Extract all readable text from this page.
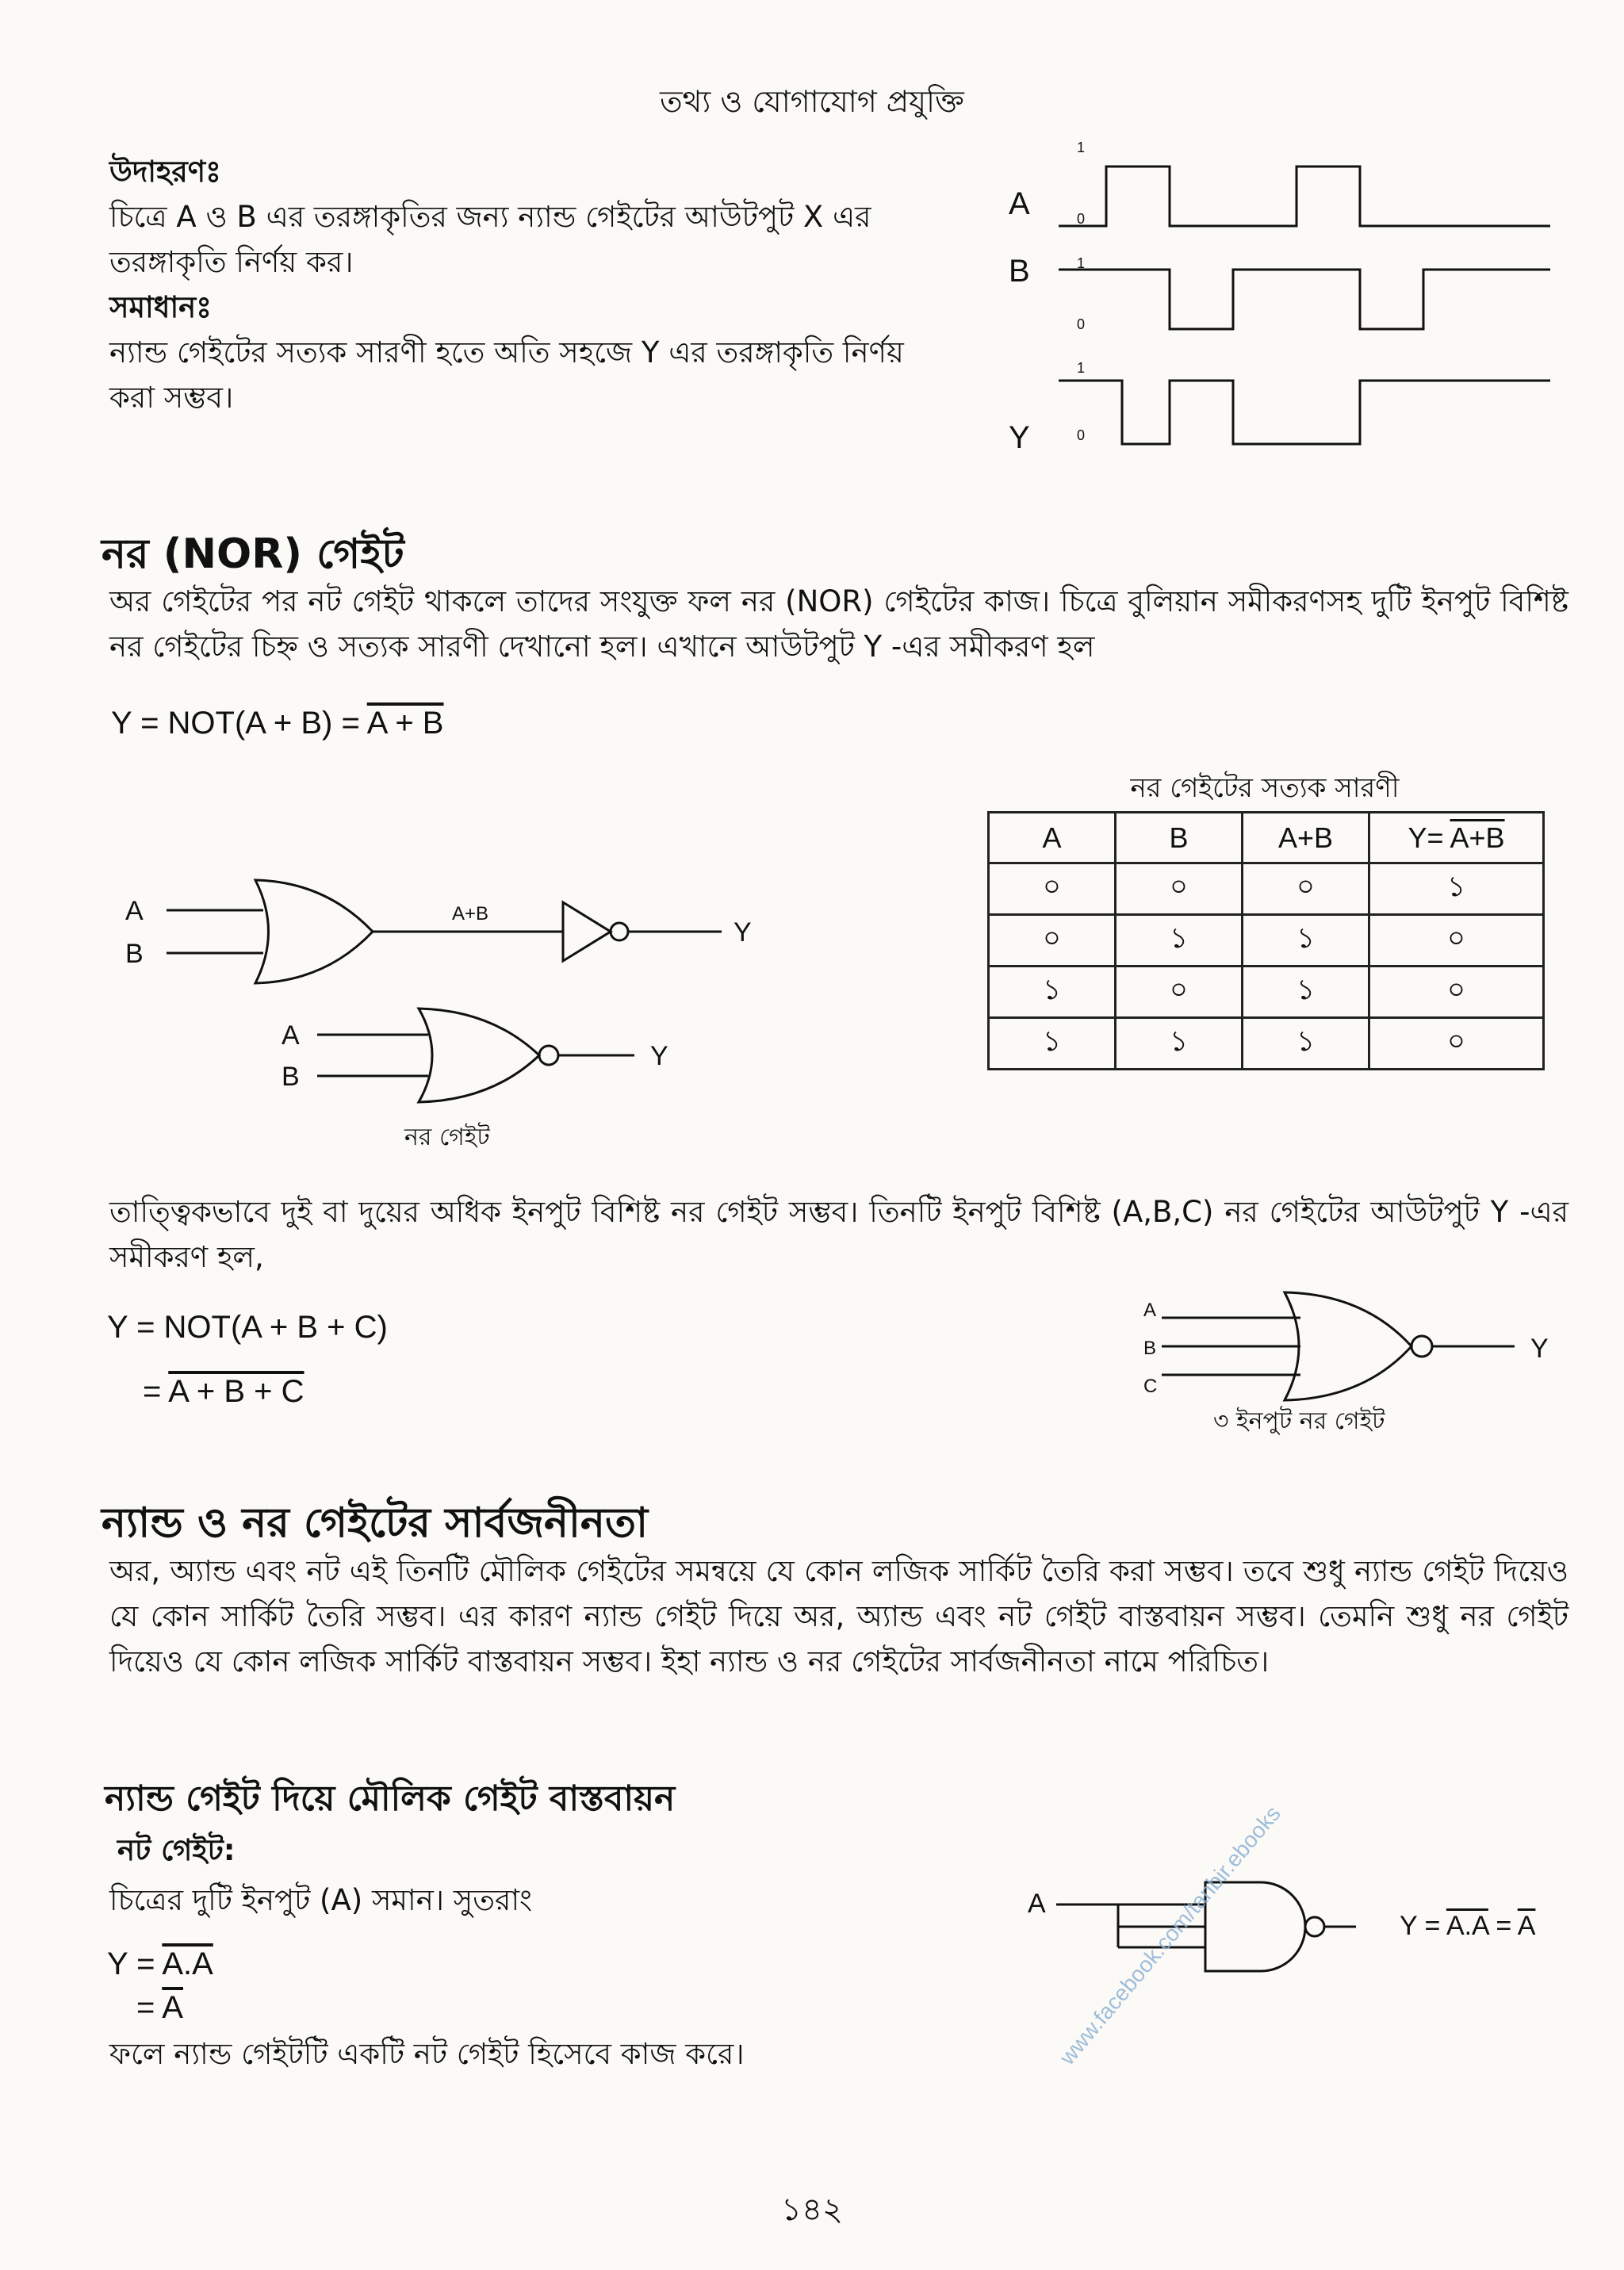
তথ্য ও যোগাযোগ প্রযুক্তি
উদাহরণঃ
চিত্রে A ও B এর তরঙ্গাকৃতির জন্য ন্যান্ড গেইটের আউটপুট X এর তরঙ্গাকৃতি নির্ণয় কর।
সমাধানঃ
ন্যান্ড গেইটের সত্যক সারণী হতে অতি সহজে Y এর তরঙ্গাকৃতি নির্ণয় করা সম্ভব।
A
B
Y
1
0
1
0
1
0
নর (NOR) গেইট
অর গেইটের পর নট গেইট থাকলে তাদের সংযুক্ত ফল নর (NOR) গেইটের কাজ। চিত্রে বুলিয়ান সমীকরণসহ দুটি ইনপুট বিশিষ্ট নর গেইটের চিহ্ন ও সত্যক সারণী দেখানো হল। এখানে আউটপুট Y -এর সমীকরণ হল
Y = NOT(A + B) = A + B
A
B
A+B
Y
A
B
Y
নর গেইট
নর গেইটের সত্যক সারণী
A	B	A+B	Y= A+B
০	০	০	১
০	১	১	০
১	০	১	০
১	১	১	০
তাত্ত্বিকভাবে দুই বা দুয়ের অধিক ইনপুট বিশিষ্ট নর গেইট সম্ভব। তিনটি ইনপুট বিশিষ্ট (A,B,C) নর গেইটের আউটপুট Y -এর সমীকরণ হল,
Y = NOT(A + B + C)
= A + B + C
A
B
C
Y
৩ ইনপুট নর গেইট
ন্যান্ড ও নর গেইটের সার্বজনীনতা
অর, অ্যান্ড এবং নট এই তিনটি মৌলিক গেইটের সমন্বয়ে যে কোন লজিক সার্কিট তৈরি করা সম্ভব। তবে শুধু ন্যান্ড গেইট দিয়েও যে কোন সার্কিট তৈরি সম্ভব। এর কারণ ন্যান্ড গেইট দিয়ে অর, অ্যান্ড এবং নট গেইট বাস্তবায়ন সম্ভব। তেমনি শুধু নর গেইট দিয়েও যে কোন লজিক সার্কিট বাস্তবায়ন সম্ভব। ইহা ন্যান্ড ও নর গেইটের সার্বজনীনতা নামে পরিচিত।
ন্যান্ড গেইট দিয়ে মৌলিক গেইট বাস্তবায়ন
নট গেইট:
চিত্রের দুটি ইনপুট (A) সমান। সুতরাং
Y = A.A
= $\overline{A}$
ফলে ন্যান্ড গেইটটি একটি নট গেইট হিসেবে কাজ করে।
A
$Y = A.A = \overline{A}$
www.facebook.com/tanbir.ebooks
১৪২
